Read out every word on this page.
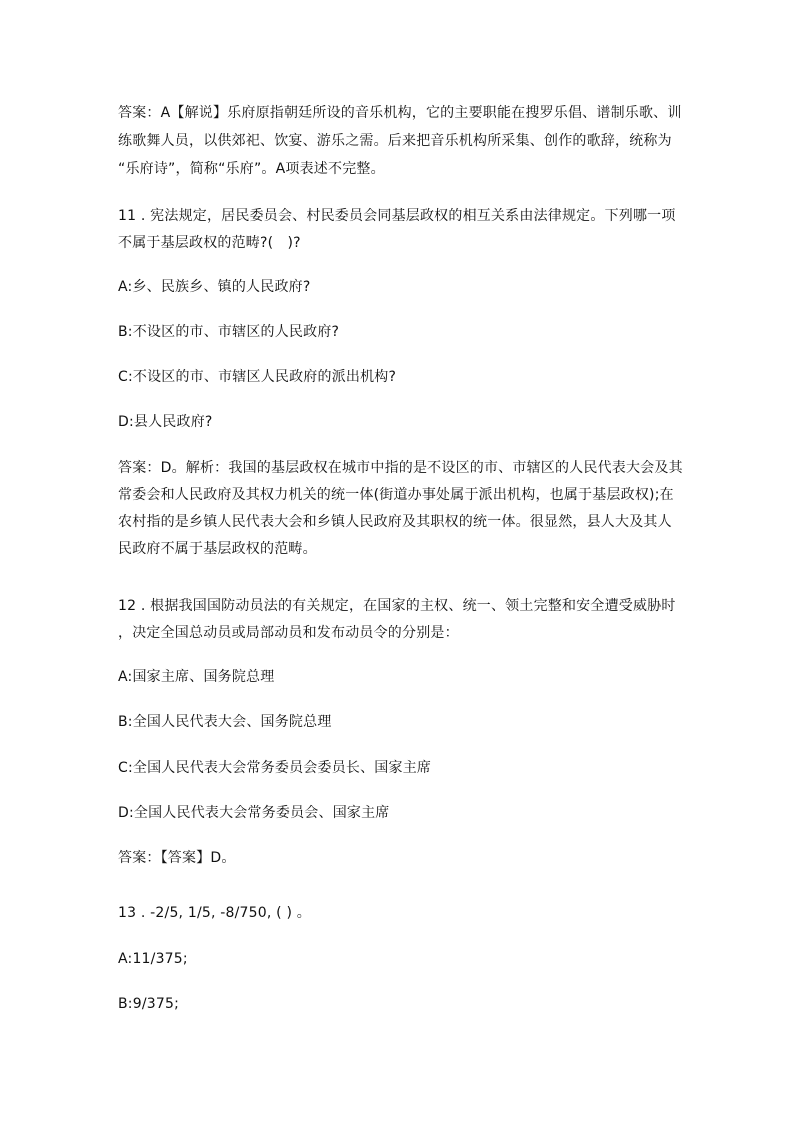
答案：A【解说】乐府原指朝廷所设的音乐机构，它的主要职能在搜罗乐倡、谱制乐歌、训
练歌舞人员，以供郊祀、饮宴、游乐之需。后来把音乐机构所采集、创作的歌辞，统称为
“乐府诗”，简称“乐府”。A项表述不完整。
11 . 宪法规定，居民委员会、村民委员会同基层政权的相互关系由法律规定。下列哪一项
不属于基层政权的范畴?(　)?
A:乡、民族乡、镇的人民政府?
B:不设区的市、市辖区的人民政府?
C:不设区的市、市辖区人民政府的派出机构?
D:县人民政府?
答案：D。解析：我国的基层政权在城市中指的是不设区的市、市辖区的人民代表大会及其
常委会和人民政府及其权力机关的统一体(街道办事处属于派出机构，也属于基层政权);在
农村指的是乡镇人民代表大会和乡镇人民政府及其职权的统一体。很显然，县人大及其人
民政府不属于基层政权的范畴。
12 . 根据我国国防动员法的有关规定，在国家的主权、统一、领土完整和安全遭受威胁时
，决定全国总动员或局部动员和发布动员令的分别是：
A:国家主席、国务院总理
B:全国人民代表大会、国务院总理
C:全国人民代表大会常务委员会委员长、国家主席
D:全国人民代表大会常务委员会、国家主席
答案：【答案】D。
13 . -2/5, 1/5, -8/750, ( ) 。
A:11/375;
B:9/375;
